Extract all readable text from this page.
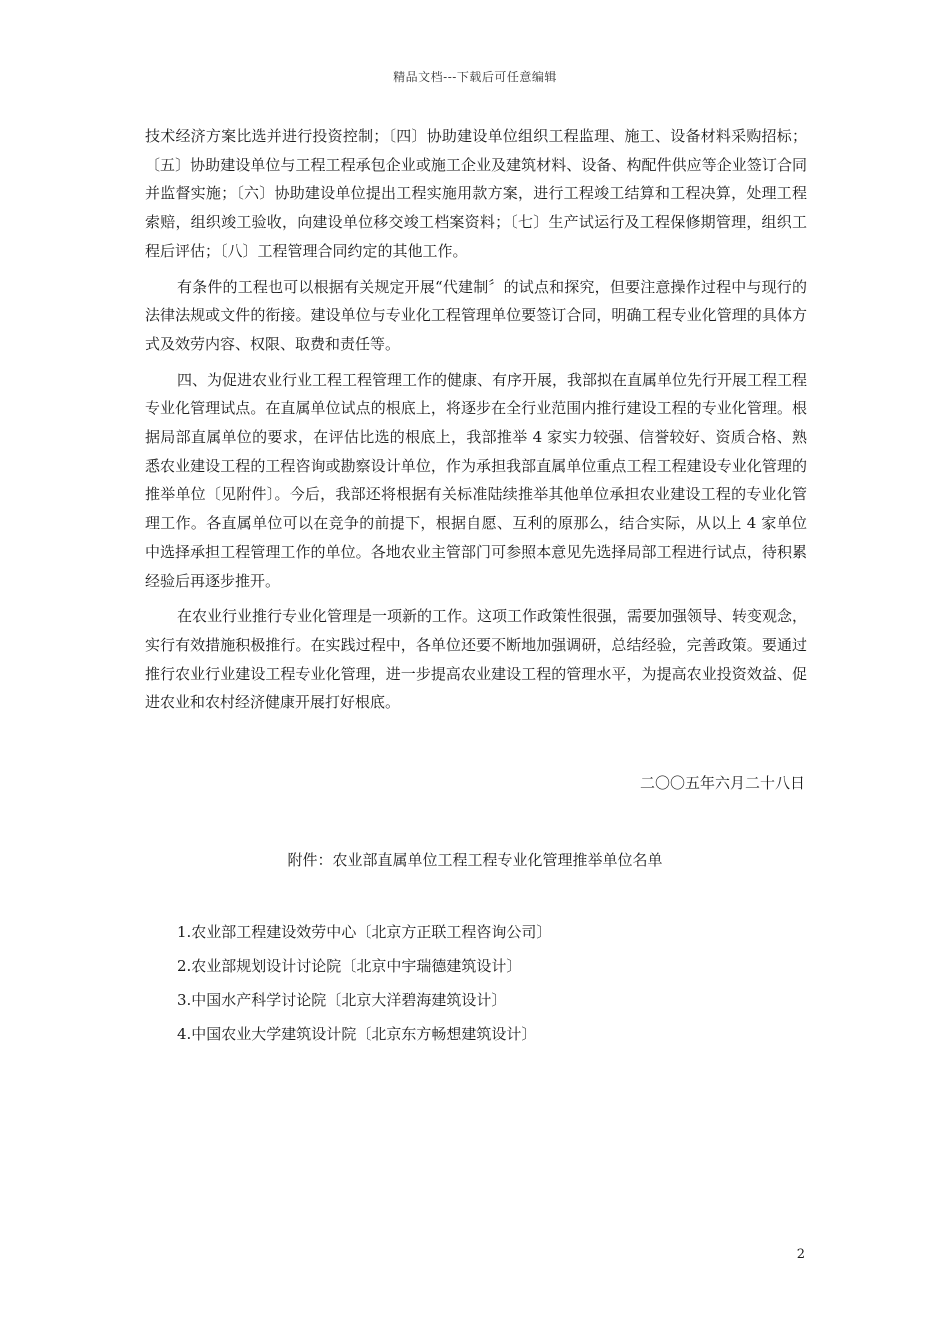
精品文档---下载后可任意编辑

技术经济方案比选并进行投资控制；〔四〕协助建设单位组织工程监理、施工、设备材料采购招标；〔五〕协助建设单位与工程工程承包企业或施工企业及建筑材料、设备、构配件供应等企业签订合同并监督实施；〔六〕协助建设单位提出工程实施用款方案，进行工程竣工结算和工程决算，处理工程索赔，组织竣工验收，向建设单位移交竣工档案资料；〔七〕生产试运行及工程保修期管理，组织工程后评估；〔八〕工程管理合同约定的其他工作。

有条件的工程也可以根据有关规定开展“代建制〞的试点和探究，但要注意操作过程中与现行的法律法规或文件的衔接。建设单位与专业化工程管理单位要签订合同，明确工程专业化管理的具体方式及效劳内容、权限、取费和责任等。

四、为促进农业行业工程工程管理工作的健康、有序开展，我部拟在直属单位先行开展工程工程专业化管理试点。在直属单位试点的根底上，将逐步在全行业范围内推行建设工程的专业化管理。根据局部直属单位的要求，在评估比选的根底上，我部推举 4 家实力较强、信誉较好、资质合格、熟悉农业建设工程的工程咨询或勘察设计单位，作为承担我部直属单位重点工程工程建设专业化管理的推举单位〔见附件〕。今后，我部还将根据有关标准陆续推举其他单位承担农业建设工程的专业化管理工作。各直属单位可以在竞争的前提下，根据自愿、互利的原那么，结合实际，从以上 4 家单位中选择承担工程管理工作的单位。各地农业主管部门可参照本意见先选择局部工程进行试点，待积累经验后再逐步推开。

在农业行业推行专业化管理是一项新的工作。这项工作政策性很强，需要加强领导、转变观念，实行有效措施积极推行。在实践过程中，各单位还要不断地加强调研，总结经验，完善政策。要通过推行农业行业建设工程专业化管理，进一步提高农业建设工程的管理水平，为提高农业投资效益、促进农业和农村经济健康开展打好根底。

二〇〇五年六月二十八日
附件：农业部直属单位工程工程专业化管理推举单位名单
1.农业部工程建设效劳中心〔北京方正联工程咨询公司〕
2.农业部规划设计讨论院〔北京中宇瑞德建筑设计〕
3.中国水产科学讨论院〔北京大洋碧海建筑设计〕
4.中国农业大学建筑设计院〔北京东方畅想建筑设计〕
2
